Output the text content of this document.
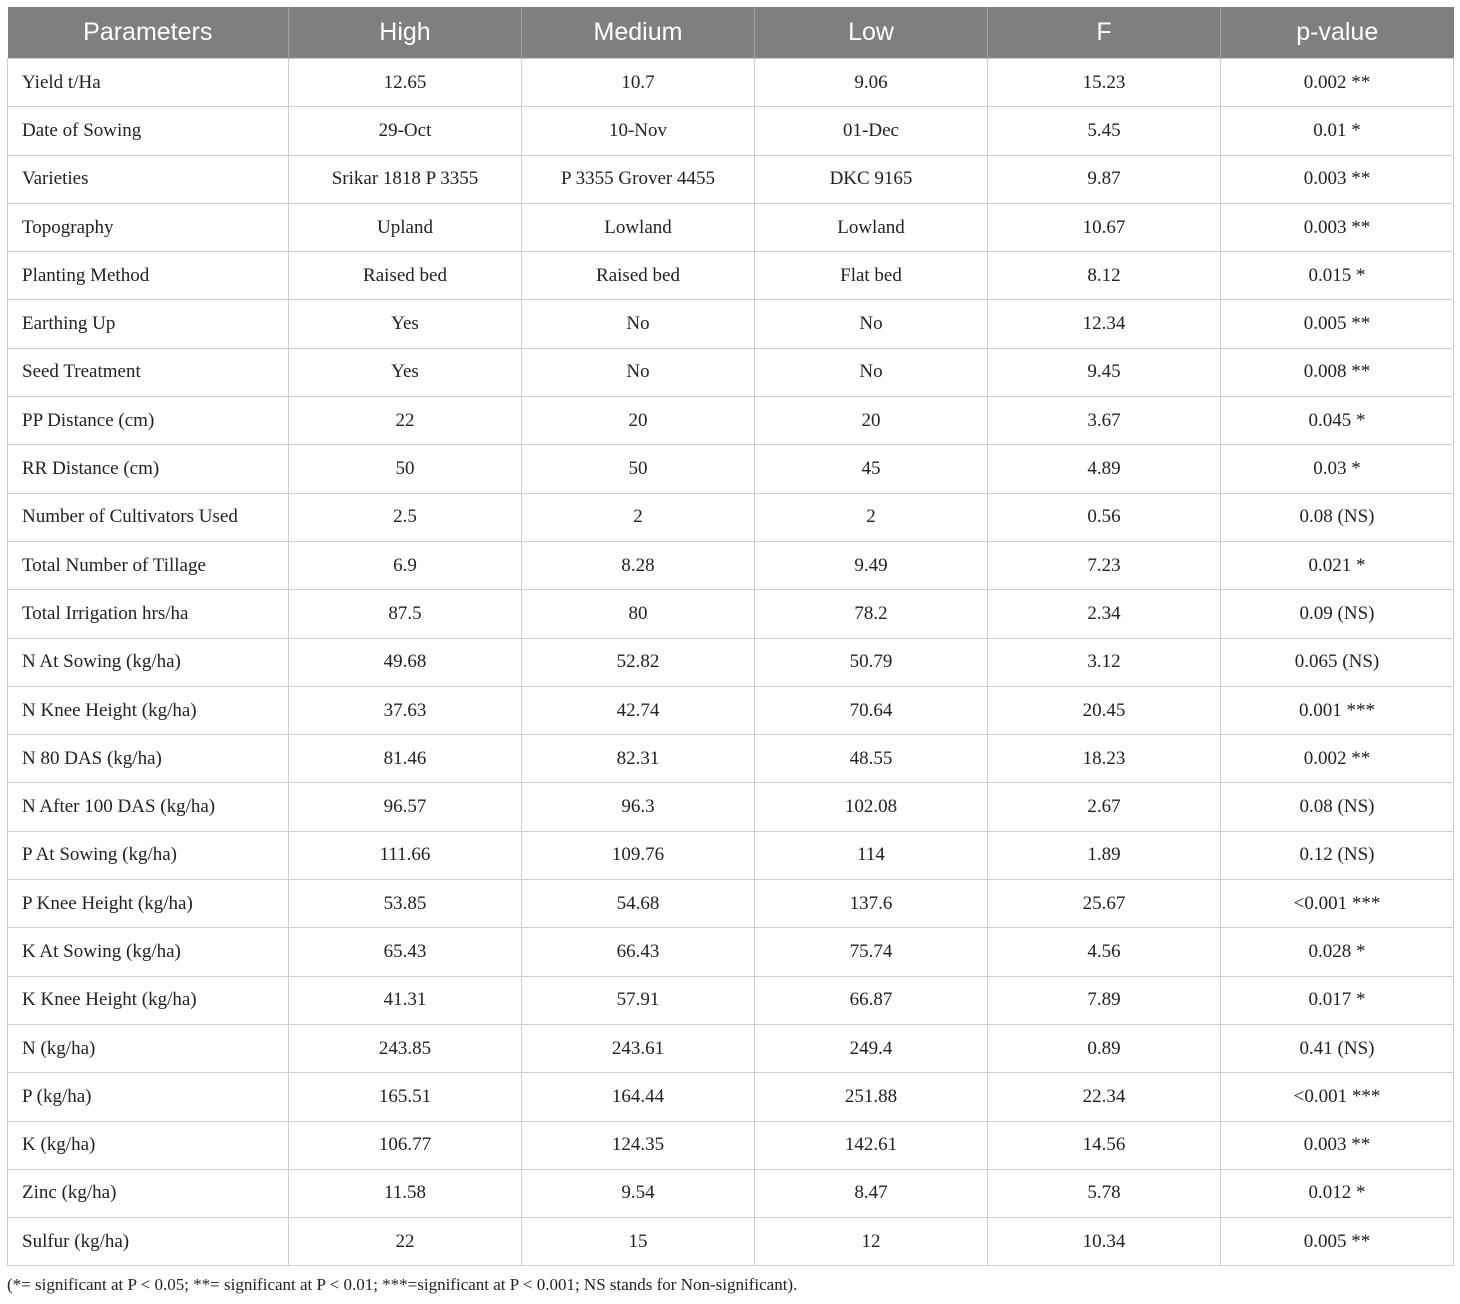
Parameters	High	Medium	Low	F	p-value
Yield t/Ha	12.65	10.7	9.06	15.23	0.002 **
Date of Sowing	29-Oct	10-Nov	01-Dec	5.45	0.01 *
Varieties	Srikar 1818 P 3355	P 3355 Grover 4455	DKC 9165	9.87	0.003 **
Topography	Upland	Lowland	Lowland	10.67	0.003 **
Planting Method	Raised bed	Raised bed	Flat bed	8.12	0.015 *
Earthing Up	Yes	No	No	12.34	0.005 **
Seed Treatment	Yes	No	No	9.45	0.008 **
PP Distance (cm)	22	20	20	3.67	0.045 *
RR Distance (cm)	50	50	45	4.89	0.03 *
Number of Cultivators Used	2.5	2	2	0.56	0.08 (NS)
Total Number of Tillage	6.9	8.28	9.49	7.23	0.021 *
Total Irrigation hrs/ha	87.5	80	78.2	2.34	0.09 (NS)
N At Sowing (kg/ha)	49.68	52.82	50.79	3.12	0.065 (NS)
N Knee Height (kg/ha)	37.63	42.74	70.64	20.45	0.001 ***
N 80 DAS (kg/ha)	81.46	82.31	48.55	18.23	0.002 **
N After 100 DAS (kg/ha)	96.57	96.3	102.08	2.67	0.08 (NS)
P At Sowing (kg/ha)	111.66	109.76	114	1.89	0.12 (NS)
P Knee Height (kg/ha)	53.85	54.68	137.6	25.67	<0.001 ***
K At Sowing (kg/ha)	65.43	66.43	75.74	4.56	0.028 *
K Knee Height (kg/ha)	41.31	57.91	66.87	7.89	0.017 *
N (kg/ha)	243.85	243.61	249.4	0.89	0.41 (NS)
P (kg/ha)	165.51	164.44	251.88	22.34	<0.001 ***
K (kg/ha)	106.77	124.35	142.61	14.56	0.003 **
Zinc (kg/ha)	11.58	9.54	8.47	5.78	0.012 *
Sulfur (kg/ha)	22	15	12	10.34	0.005 **
(*= significant at P < 0.05; **= significant at P < 0.01; ***=significant at P < 0.001; NS stands for Non-significant).
